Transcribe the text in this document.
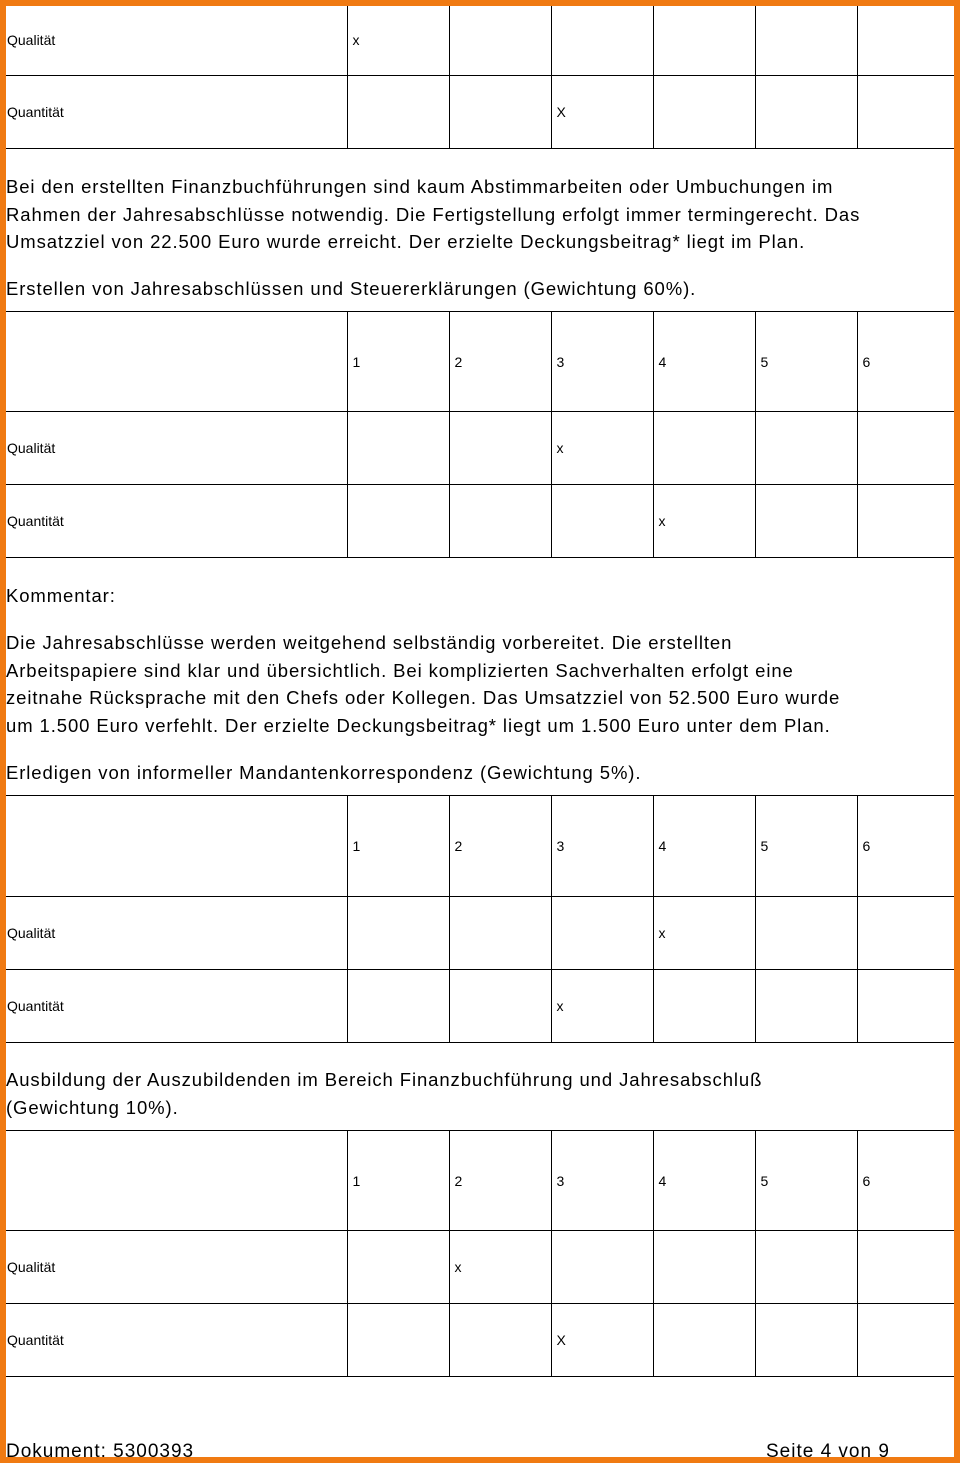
Qualität	x					
Quantität			X			

Bei den erstellten Finanzbuchführungen sind kaum Abstimmarbeiten oder Umbuchungen im
Rahmen der Jahresabschlüsse notwendig. Die Fertigstellung erfolgt immer termingerecht. Das
Umsatzziel von 22.500 Euro wurde erreicht. Der erzielte Deckungsbeitrag* liegt im Plan.

Erstellen von Jahresabschlüssen und Steuererklärungen (Gewichtung 60%).

	1	2	3	4	5	6
Qualität			x			
Quantität				x		

Kommentar:

Die Jahresabschlüsse werden weitgehend selbständig vorbereitet. Die erstellten
Arbeitspapiere sind klar und übersichtlich. Bei komplizierten Sachverhalten erfolgt eine
zeitnahe Rücksprache mit den Chefs oder Kollegen. Das Umsatzziel von 52.500 Euro wurde
um 1.500 Euro verfehlt. Der erzielte Deckungsbeitrag* liegt um 1.500 Euro unter dem Plan.

Erledigen von informeller Mandantenkorrespondenz (Gewichtung 5%).

	1	2	3	4	5	6
Qualität				x		
Quantität			x			

Ausbildung der Auszubildenden im Bereich Finanzbuchführung und Jahresabschluß
(Gewichtung 10%).

	1	2	3	4	5	6
Qualität		x				
Quantität			X			
Dokument: 5300393	Seite 4 von 9
